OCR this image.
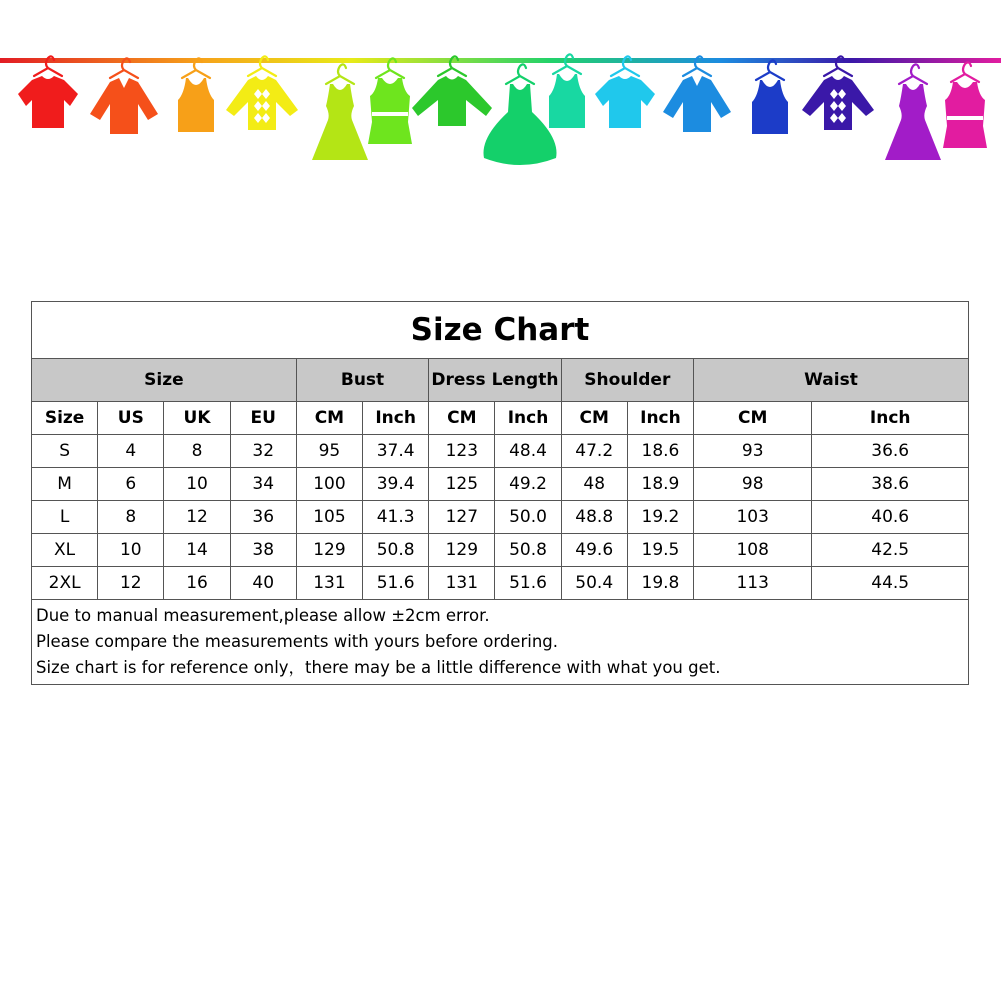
Size Chart											
Size				Bust		Dress Length		Shoulder		Waist	
Size	US	UK	EU	CM	Inch	CM	Inch	CM	Inch	CM	Inch
S	4	8	32	95	37.4	123	48.4	47.2	18.6	93	36.6
M	6	10	34	100	39.4	125	49.2	48	18.9	98	38.6
L	8	12	36	105	41.3	127	50.0	48.8	19.2	103	40.6
XL	10	14	38	129	50.8	129	50.8	49.6	19.5	108	42.5
2XL	12	16	40	131	51.6	131	51.6	50.4	19.8	113	44.5

Due to manual measurement,please allow ±2cm error.
Please compare the measurements with yours before ordering.
Size chart is for reference only，there may be a little difference with what you get.											
